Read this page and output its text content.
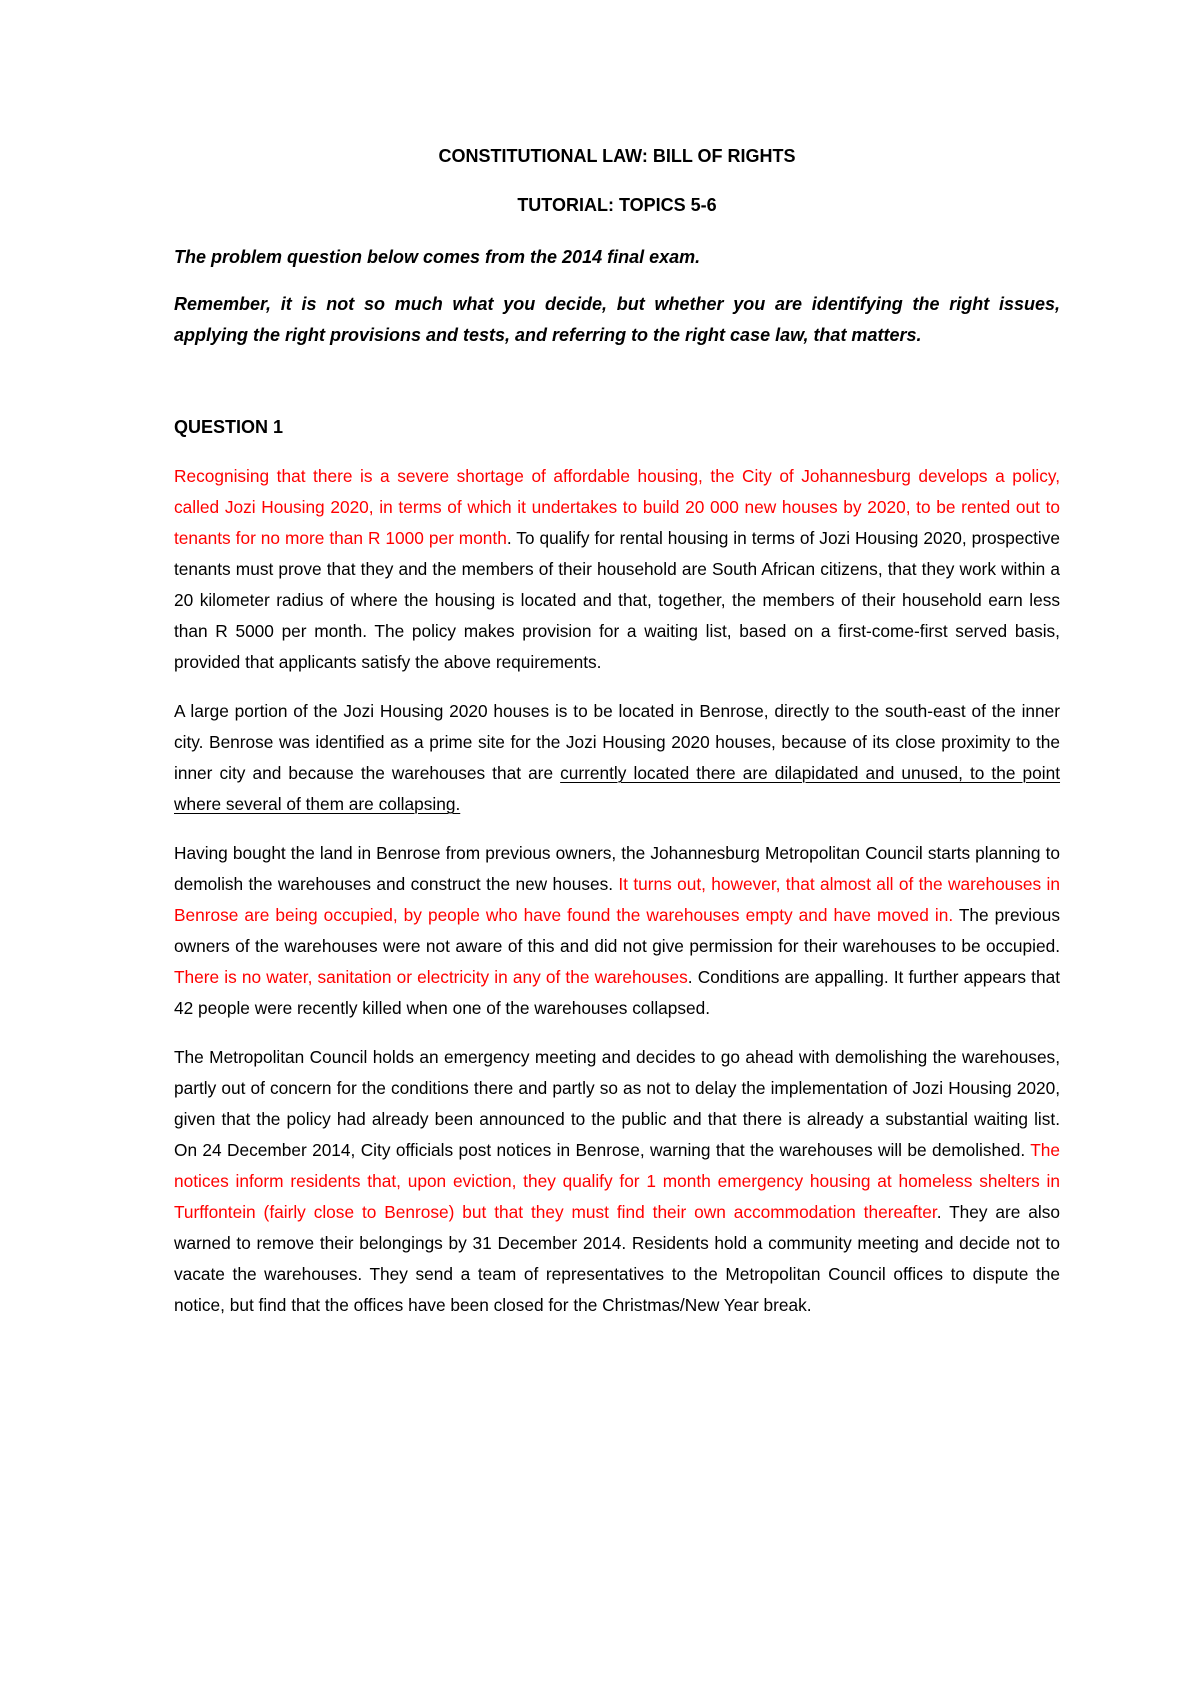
CONSTITUTIONAL LAW: BILL OF RIGHTS

TUTORIAL: TOPICS 5-6

The problem question below comes from the 2014 final exam.

Remember, it is not so much what you decide, but whether you are identifying the right issues, applying the right provisions and tests, and referring to the right case law, that matters.

QUESTION 1

Recognising that there is a severe shortage of affordable housing, the City of Johannesburg develops a policy, called Jozi Housing 2020, in terms of which it undertakes to build 20 000 new houses by 2020, to be rented out to tenants for no more than R 1000 per month. To qualify for rental housing in terms of Jozi Housing 2020, prospective tenants must prove that they and the members of their household are South African citizens, that they work within a 20 kilometer radius of where the housing is located and that, together, the members of their household earn less than R 5000 per month. The policy makes provision for a waiting list, based on a first-come-first served basis, provided that applicants satisfy the above requirements.

A large portion of the Jozi Housing 2020 houses is to be located in Benrose, directly to the south-east of the inner city. Benrose was identified as a prime site for the Jozi Housing 2020 houses, because of its close proximity to the inner city and because the warehouses that are currently located there are dilapidated and unused, to the point where several of them are collapsing.

Having bought the land in Benrose from previous owners, the Johannesburg Metropolitan Council starts planning to demolish the warehouses and construct the new houses. It turns out, however, that almost all of the warehouses in Benrose are being occupied, by people who have found the warehouses empty and have moved in. The previous owners of the warehouses were not aware of this and did not give permission for their warehouses to be occupied. There is no water, sanitation or electricity in any of the warehouses. Conditions are appalling. It further appears that 42 people were recently killed when one of the warehouses collapsed.

The Metropolitan Council holds an emergency meeting and decides to go ahead with demolishing the warehouses, partly out of concern for the conditions there and partly so as not to delay the implementation of Jozi Housing 2020, given that the policy had already been announced to the public and that there is already a substantial waiting list. On 24 December 2014, City officials post notices in Benrose, warning that the warehouses will be demolished. The notices inform residents that, upon eviction, they qualify for 1 month emergency housing at homeless shelters in Turffontein (fairly close to Benrose) but that they must find their own accommodation thereafter. They are also warned to remove their belongings by 31 December 2014. Residents hold a community meeting and decide not to vacate the warehouses. They send a team of representatives to the Metropolitan Council offices to dispute the notice, but find that the offices have been closed for the Christmas/New Year break.
